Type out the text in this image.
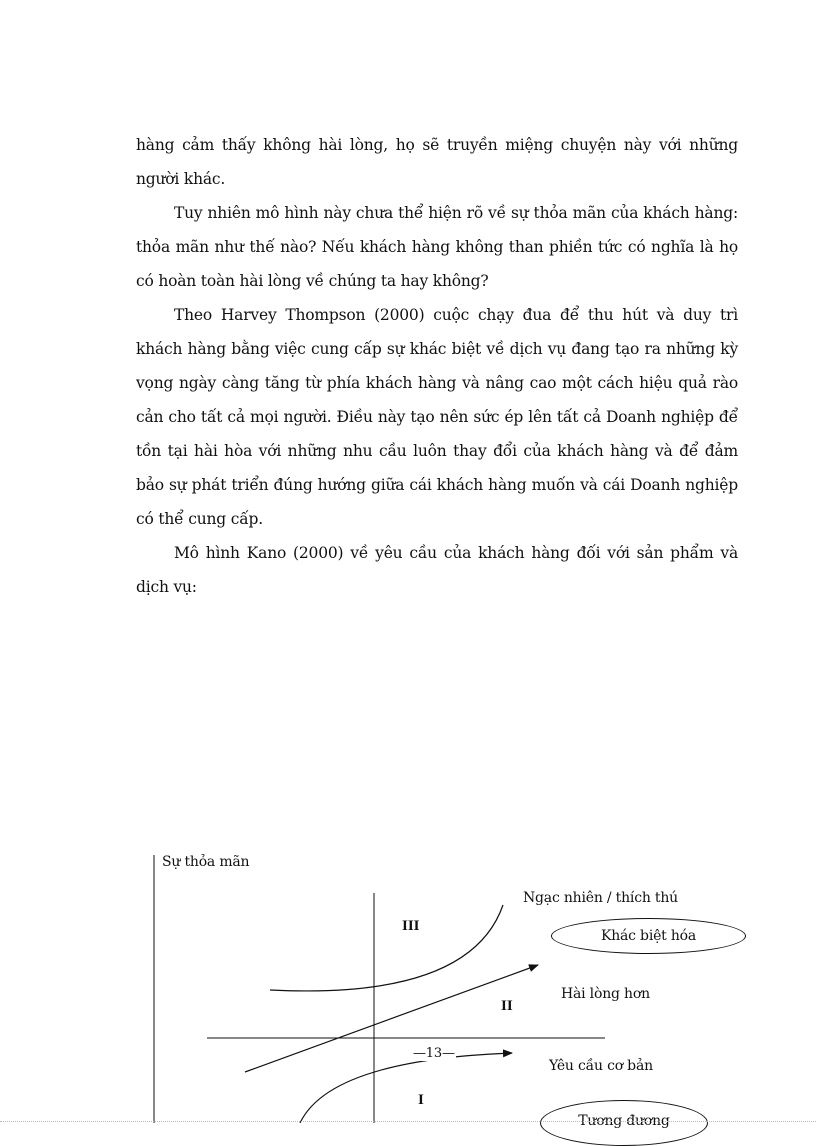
hàng cảm thấy không hài lòng, họ sẽ truyền miệng chuyện này với những người khác.

Tuy nhiên mô hình này chưa thể hiện rõ về sự thỏa mãn của khách hàng: thỏa mãn như thế nào? Nếu khách hàng không than phiền tức có nghĩa là họ có hoàn toàn hài lòng về chúng ta hay không?

Theo Harvey Thompson (2000) cuộc chạy đua để thu hút và duy trì khách hàng bằng việc cung cấp sự khác biệt về dịch vụ đang tạo ra những kỳ vọng ngày càng tăng từ phía khách hàng và nâng cao một cách hiệu quả rào cản cho tất cả mọi người. Điều này tạo nên sức ép lên tất cả Doanh nghiệp để tồn tại hài hòa với những nhu cầu luôn thay đổi của khách hàng và để đảm bảo sự phát triển đúng hướng giữa cái khách hàng muốn và cái Doanh nghiệp có thể cung cấp.

Mô hình Kano (2000) về yêu cầu của khách hàng đối với sản phẩm và dịch vụ:

Sự thỏa mãn
Ngạc nhiên / thích thú
Hài lòng hơn
Yêu cầu cơ bản
Khác biệt hóa
Tương đương
III
II
I
—13—
